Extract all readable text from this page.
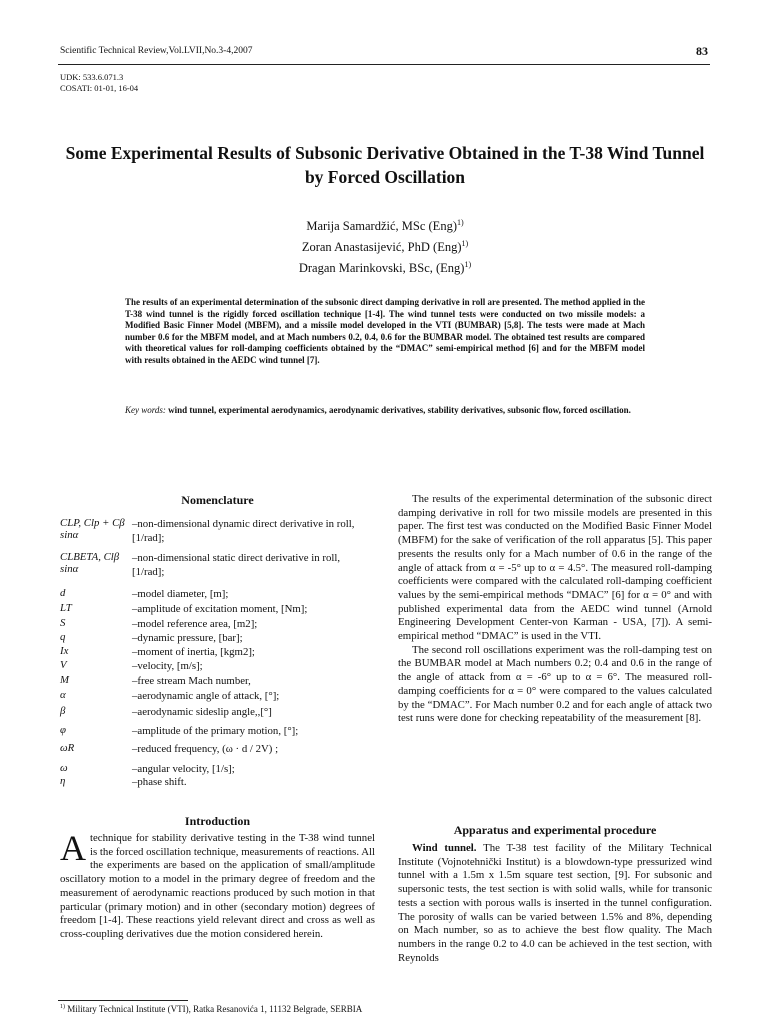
Scientific Technical Review,Vol.LVII,No.3-4,2007	83
UDK: 533.6.071.3
COSATI: 01-01, 16-04
Some Experimental Results of Subsonic Derivative Obtained in the T-38 Wind Tunnel by Forced Oscillation
Marija Samardžić, MSc (Eng)$^{1)}$
Zoran Anastasijević, PhD (Eng)$^{1)}$
Dragan Marinkovski, BSc, (Eng)$^{1)}$
The results of an experimental determination of the subsonic direct damping derivative in roll are presented. The method applied in the T-38 wind tunnel is the rigidly forced oscillation technique [1-4]. The wind tunnel tests were conducted on two missile models: a Modified Basic Finner Model (MBFM), and a missile model developed in the VTI (BUMBAR) [5,8]. The tests were made at Mach number 0.6 for the MBFM model, and at Mach numbers 0.2, 0.4, 0.6 for the BUMBAR model. The obtained test results are compared with theoretical values for roll-damping coefficients obtained by the “DMAC” semi-empirical method [6] and for the MBFM model with results obtained in the AEDC wind tunnel [7].
Key words: wind tunnel, experimental aerodynamics, aerodynamic derivatives, stability derivatives, subsonic flow, forced oscillation.
Nomenclature
CLP, Clp + Cβ sinα
–non-dimensional dynamic direct derivative in roll, [1/rad];
CLBETA, Clβ sinα
–non-dimensional static direct derivative in roll, [1/rad];
d	–model diameter, [m];
LT	–amplitude of excitation moment, [Nm];
S	–model reference area, [m2];
q	–dynamic pressure, [bar];
Ix	–moment of inertia, [kgm2];
V	–velocity, [m/s];
M	–free stream Mach number,
α	–aerodynamic angle of attack, [°];
β	–aerodynamic sideslip angle,,[°]
φ	–amplitude of the primary motion, [°];
ωR	–reduced frequency, (ω · d / 2V) ;
ω	–angular velocity, [1/s];
η	–phase shift.
Introduction
Atechnique for stability derivative testing in the T-38 wind tunnel is the forced oscillation technique, measurements of reactions. All the experiments are based on the application of small/amplitude oscillatory motion to a model in the primary degree of freedom and the measurement of aerodynamic reactions produced by such motion in that particular (primary motion) and in other (secondary motion) degrees of freedom [1-4]. These reactions yield relevant direct and cross as well as cross-coupling derivatives due the motion considered herein.

The results of the experimental determination of the subsonic direct damping derivative in roll for two missile models are presented in this paper. The first test was conducted on the Modified Basic Finner Model (MBFM) for the sake of verification of the roll apparatus [5]. This paper presents the results only for a Mach number of 0.6 in the range of the angle of attack from α = -5° up to α = 4.5°. The measured roll-damping coefficients were compared with the calculated roll-damping coefficient values by the semi-empirical methods “DMAC” [6] for α = 0° and with published experimental data from the AEDC wind tunnel (Arnold Engineering Development Center-von Karman - USA, [7]). A semi-empirical method “DMAC” is used in the VTI.

The second roll oscillations experiment was the roll-damping test on the BUMBAR model at Mach numbers 0.2; 0.4 and 0.6 in the range of the angle of attack from α = -6° up to α = 6°. The measured roll-damping coefficients for α = 0° were compared to the values calculated by the “DMAC”. For Mach number 0.2 and for each angle of attack two test runs were done for checking repeatability of the measurement [8].

Apparatus and experimental procedure

Wind tunnel. The T-38 test facility of the Military Technical Institute (Vojnotehnički Institut) is a blowdown-type pressurized wind tunnel with a 1.5m x 1.5m square test section, [9]. For subsonic and supersonic tests, the test section is with solid walls, while for transonic tests a section with porous walls is inserted in the tunnel configuration. The porosity of walls can be varied between 1.5% and 8%, depending on Mach number, so as to achieve the best flow quality. The Mach numbers in the range 0.2 to 4.0 can be achieved in the test section, with Reynolds

$^{1)}$ Military Technical Institute (VTI), Ratka Resanovića 1, 11132 Belgrade, SERBIA
